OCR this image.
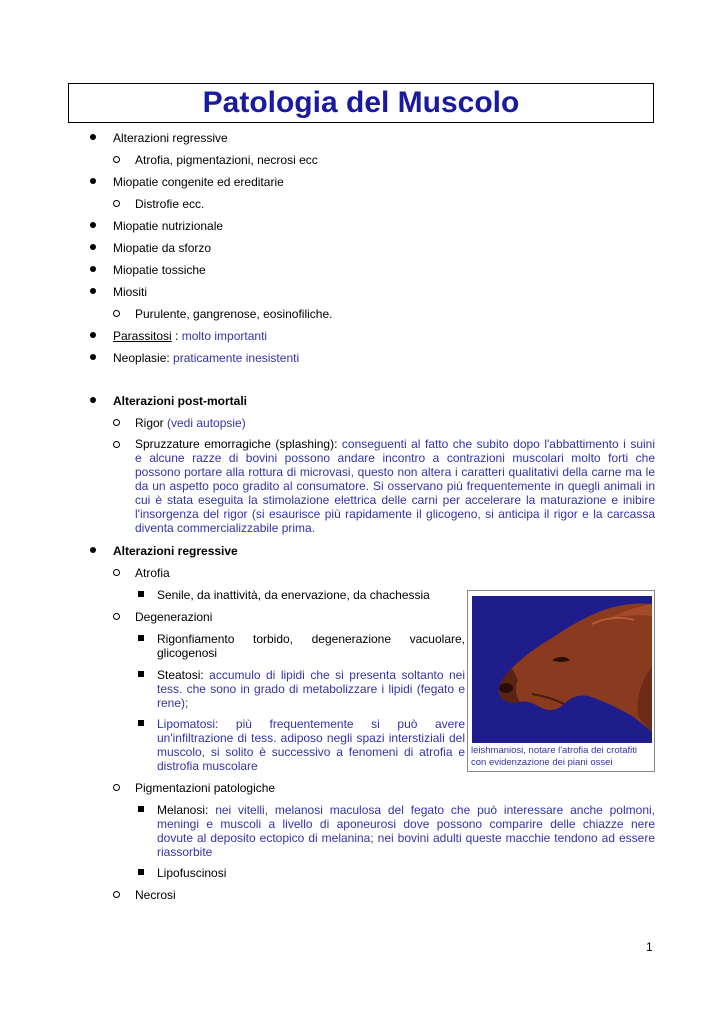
Patologia del Muscolo
Alterazioni regressive
Atrofia, pigmentazioni, necrosi ecc
Miopatie congenite ed ereditarie
Distrofie ecc.
Miopatie nutrizionale
Miopatie da sforzo
Miopatie tossiche
Miositi
Purulente, gangrenose, eosinofiliche.
Parassitosi : molto importanti
Neoplasie: praticamente inesistenti
Alterazioni post-mortali
Rigor (vedi autopsie)
Spruzzature emorragiche (splashing): conseguenti al fatto che subito dopo l'abbattimento i suini
e alcune razze di bovini possono andare incontro a contrazioni muscolari molto forti che
possono portare alla rottura di microvasi, questo non altera i caratteri qualitativi della carne ma le
da un aspetto poco gradito al consumatore. Si osservano più frequentemente in quegli animali in
cui è stata eseguita la stimolazione elettrica delle carni per accelerare la maturazione e inibire
l'insorgenza del rigor (si esaurisce più rapidamente il glicogeno, si anticipa il rigor e la carcassa
diventa commercializzabile prima.
Alterazioni regressive
Atrofia
Senile, da inattività, da enervazione, da chachessia
Degenerazioni
Rigonfiamento torbido, degenerazione vacuolare,
glicogenosi
Steatosi: accumulo di lipidi che si presenta soltanto nei
tess. che sono in grado di metabolizzare i lipidi (fegato e
rene);
Lipomatosi: più frequentemente si può avere
un'infiltrazione di tess. adiposo negli spazi interstiziali del
muscolo, si solito è successivo a fenomeni di atrofia e
distrofia muscolare
Pigmentazioni patologiche
Melanosi: nei vitelli, melanosi maculosa del fegato che può interessare anche polmoni,
meningi e muscoli a livello di aponeurosi dove possono comparire delle chiazze nere
dovute al deposito ectopico di melanina; nei bovini adulti queste macchie tendono ad essere
riassorbite
Lipofuscinosi
Necrosi
leishmaniosi, notare l'atrofia dei crotafiti
con evidenzazione dei piani ossei
1
